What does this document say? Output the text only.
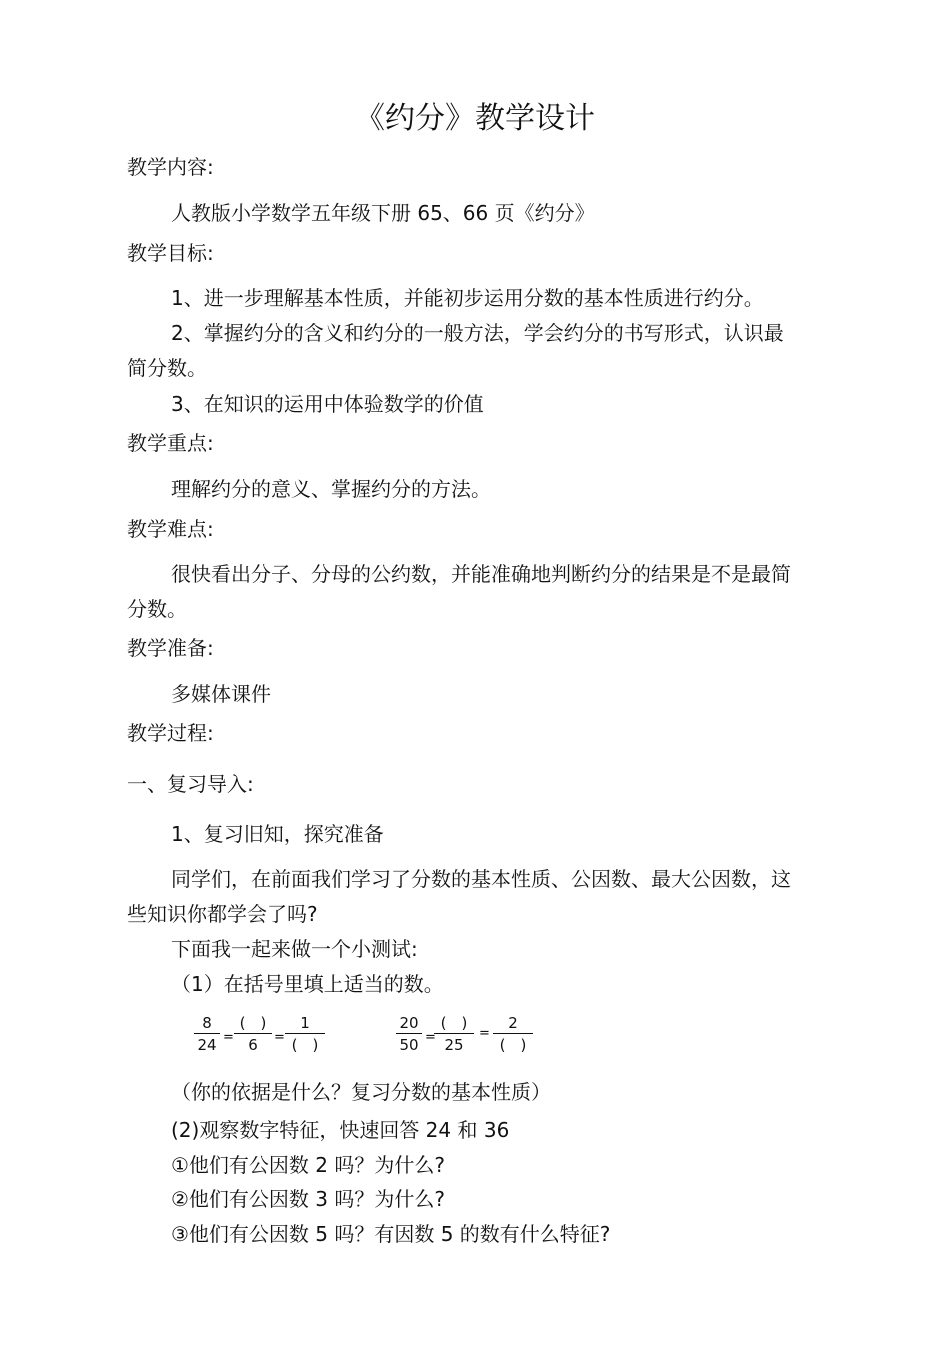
《约分》教学设计
教学内容:
人教版小学数学五年级下册 65、66 页《约分》
教学目标:
1、进一步理解基本性质，并能初步运用分数的基本性质进行约分。
2、掌握约分的含义和约分的一般方法，学会约分的书写形式，认识最
简分数。
3、在知识的运用中体验数学的价值
教学重点:
理解约分的意义、掌握约分的方法。
教学难点:
很快看出分子、分母的公约数，并能准确地判断约分的结果是不是最简
分数。
教学准备:
多媒体课件
教学过程:
一、复习导入:
1、复习旧知，探究准备
同学们，在前面我们学习了分数的基本性质、公因数、最大公因数，这
些知识你都学会了吗?
下面我一起来做一个小测试:
（1）在括号里填上适当的数。
8
24 =
(　)
6	=
1
(　)
20
50 =
(　)
25
=
2
(　)
（你的依据是什么？复习分数的基本性质）
(2)观察数字特征，快速回答 24 和 36
①他们有公因数 2 吗？为什么?
②他们有公因数 3 吗？为什么?
③他们有公因数 5 吗？有因数 5 的数有什么特征?
